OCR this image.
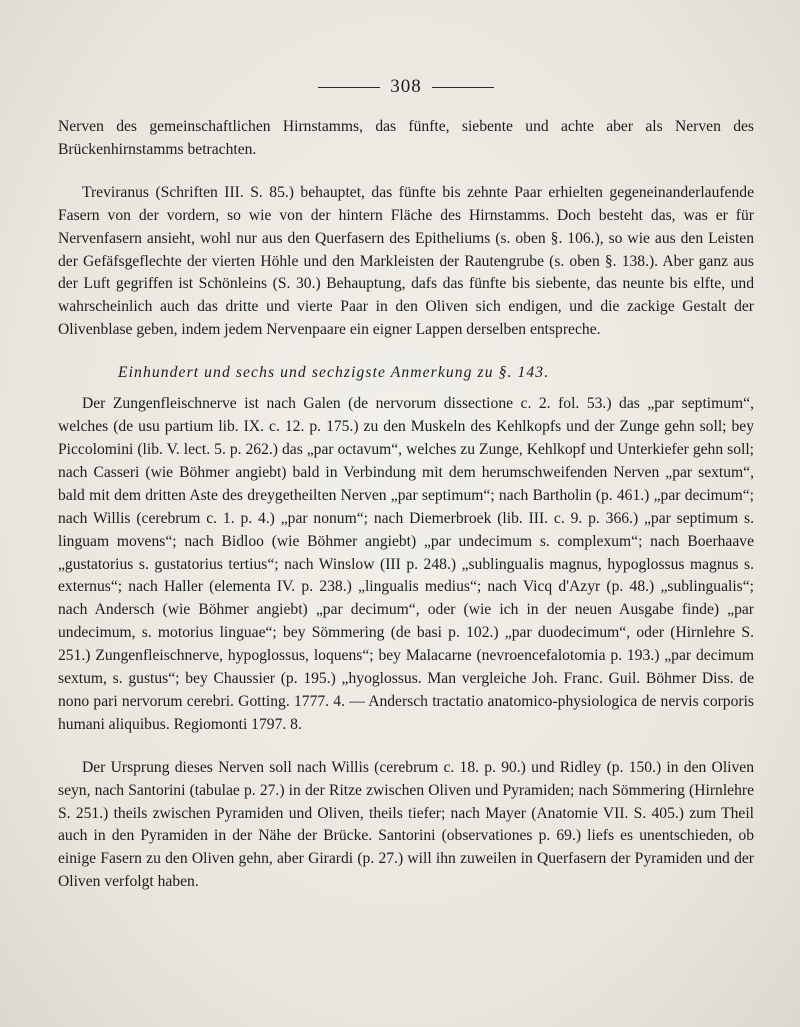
308

Nerven des gemeinschaftlichen Hirnstamms, das fünfte, siebente und achte aber als Nerven des Brückenhirnstamms betrachten.

Treviranus (Schriften III. S. 85.) behauptet, das fünfte bis zehnte Paar erhielten gegeneinanderlaufende Fasern von der vordern, so wie von der hintern Fläche des Hirnstamms. Doch besteht das, was er für Nervenfasern ansieht, wohl nur aus den Querfasern des Epitheliums (s. oben §. 106.), so wie aus den Leisten der Gefäfsgeflechte der vierten Höhle und den Markleisten der Rautengrube (s. oben §. 138.). Aber ganz aus der Luft gegriffen ist Schönleins (S. 30.) Behauptung, dafs das fünfte bis siebente, das neunte bis elfte, und wahrscheinlich auch das dritte und vierte Paar in den Oliven sich endigen, und die zackige Gestalt der Olivenblase geben, indem jedem Nervenpaare ein eigner Lappen derselben entspreche.

Einhundert und sechs und sechzigste Anmerkung zu §. 143.

Der Zungenfleischnerve ist nach Galen (de nervorum dissectione c. 2. fol. 53.) das „par septimum“, welches (de usu partium lib. IX. c. 12. p. 175.) zu den Muskeln des Kehlkopfs und der Zunge gehn soll; bey Piccolomini (lib. V. lect. 5. p. 262.) das „par octavum“, welches zu Zunge, Kehlkopf und Unterkiefer gehn soll; nach Casseri (wie Böhmer angiebt) bald in Verbindung mit dem herumschweifenden Nerven „par sextum“, bald mit dem dritten Aste des dreygetheilten Nerven „par septimum“; nach Bartholin (p. 461.) „par decimum“; nach Willis (cerebrum c. 1. p. 4.) „par nonum“; nach Diemerbroek (lib. III. c. 9. p. 366.) „par septimum s. linguam movens“; nach Bidloo (wie Böhmer angiebt) „par undecimum s. complexum“; nach Boerhaave „gustatorius s. gustatorius tertius“; nach Winslow (III p. 248.) „sublingualis magnus, hypoglossus magnus s. externus“; nach Haller (elementa IV. p. 238.) „lingualis medius“; nach Vicq d'Azyr (p. 48.) „sublingualis“; nach Andersch (wie Böhmer angiebt) „par decimum“, oder (wie ich in der neuen Ausgabe finde) „par undecimum, s. motorius linguae“; bey Sömmering (de basi p. 102.) „par duodecimum“, oder (Hirnlehre S. 251.) Zungenfleischnerve, hypoglossus, loquens“; bey Malacarne (nevroencefalotomia p. 193.) „par decimum sextum, s. gustus“; bey Chaussier (p. 195.) „hyoglossus. Man vergleiche Joh. Franc. Guil. Böhmer Diss. de nono pari nervorum cerebri. Gotting. 1777. 4. — Andersch tractatio anatomico-physiologica de nervis corporis humani aliquibus. Regiomonti 1797. 8.

Der Ursprung dieses Nerven soll nach Willis (cerebrum c. 18. p. 90.) und Ridley (p. 150.) in den Oliven seyn, nach Santorini (tabulae p. 27.) in der Ritze zwischen Oliven und Pyramiden; nach Sömmering (Hirnlehre S. 251.) theils zwischen Pyramiden und Oliven, theils tiefer; nach Mayer (Anatomie VII. S. 405.) zum Theil auch in den Pyramiden in der Nähe der Brücke. Santorini (observationes p. 69.) liefs es unentschieden, ob einige Fasern zu den Oliven gehn, aber Girardi (p. 27.) will ihn zuweilen in Querfasern der Pyramiden und der Oliven verfolgt haben.
